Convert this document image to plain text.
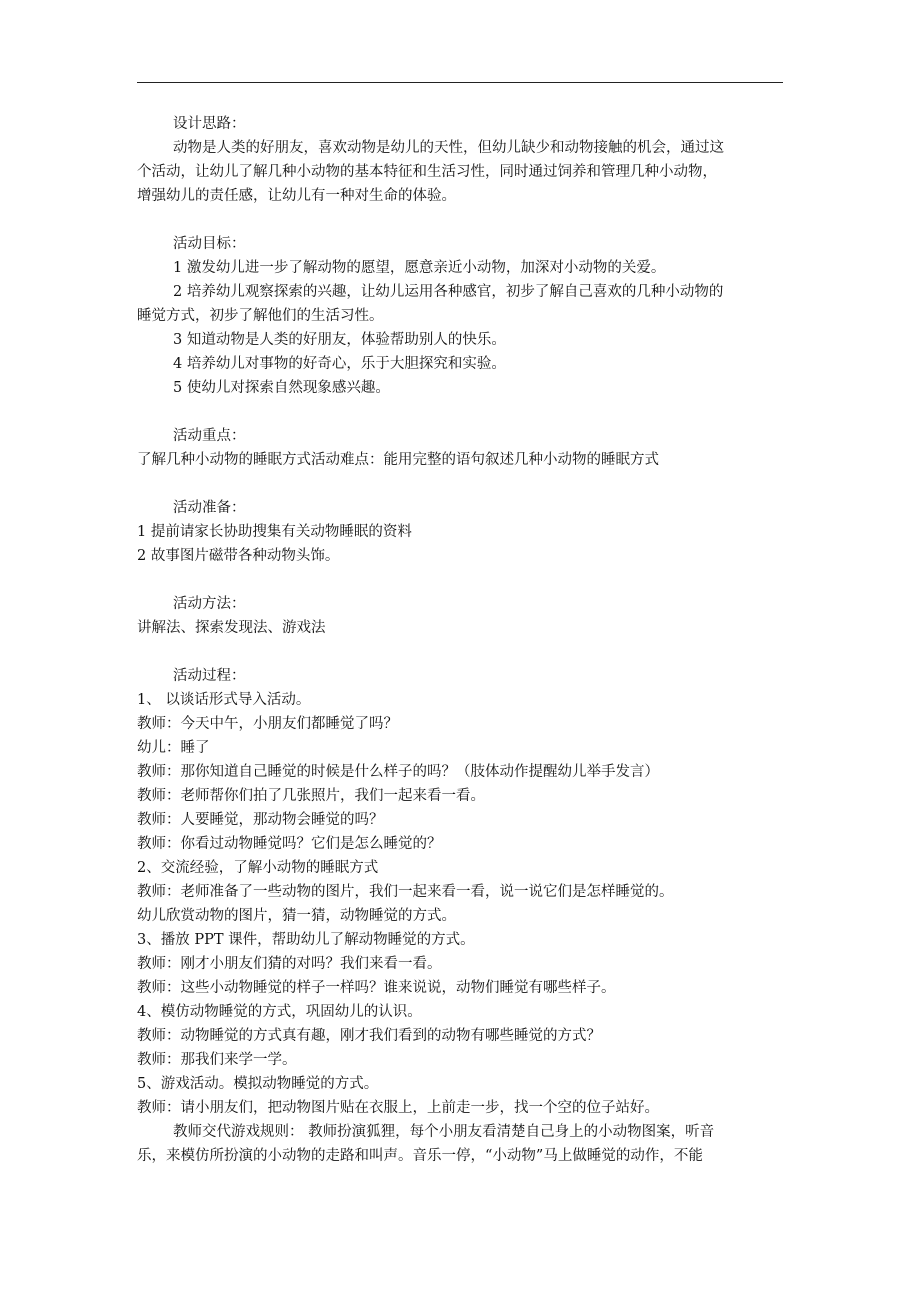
设计思路：

动物是人类的好朋友，喜欢动物是幼儿的天性，但幼儿缺少和动物接触的机会，通过这

个活动，让幼儿了解几种小动物的基本特征和生活习性，同时通过饲养和管理几种小动物，

增强幼儿的责任感，让幼儿有一种对生命的体验。

活动目标：

1 激发幼儿进一步了解动物的愿望，愿意亲近小动物，加深对小动物的关爱。

2 培养幼儿观察探索的兴趣，让幼儿运用各种感官，初步了解自己喜欢的几种小动物的

睡觉方式，初步了解他们的生活习性。

3 知道动物是人类的好朋友，体验帮助别人的快乐。

4 培养幼儿对事物的好奇心，乐于大胆探究和实验。

5 使幼儿对探索自然现象感兴趣。

活动重点：

了解几种小动物的睡眠方式活动难点：能用完整的语句叙述几种小动物的睡眠方式

活动准备：

1 提前请家长协助搜集有关动物睡眠的资料

2 故事图片磁带各种动物头饰。

活动方法：

讲解法、探索发现法、游戏法

活动过程：

1、 以谈话形式导入活动。

教师：今天中午，小朋友们都睡觉了吗？

幼儿：睡了

教师：那你知道自己睡觉的时候是什么样子的吗？（肢体动作提醒幼儿举手发言）

教师：老师帮你们拍了几张照片，我们一起来看一看。

教师：人要睡觉，那动物会睡觉的吗？

教师：你看过动物睡觉吗？它们是怎么睡觉的？

2、交流经验，了解小动物的睡眠方式

教师：老师准备了一些动物的图片，我们一起来看一看，说一说它们是怎样睡觉的。

幼儿欣赏动物的图片，猜一猜，动物睡觉的方式。

3、播放 PPT 课件，帮助幼儿了解动物睡觉的方式。

教师：刚才小朋友们猜的对吗？我们来看一看。

教师：这些小动物睡觉的样子一样吗？谁来说说，动物们睡觉有哪些样子。

4、模仿动物睡觉的方式，巩固幼儿的认识。

教师：动物睡觉的方式真有趣，刚才我们看到的动物有哪些睡觉的方式？

教师：那我们来学一学。

5、游戏活动。模拟动物睡觉的方式。

教师：请小朋友们，把动物图片贴在衣服上，上前走一步，找一个空的位子站好。

教师交代游戏规则： 教师扮演狐狸，每个小朋友看清楚自己身上的小动物图案，听音

乐，来模仿所扮演的小动物的走路和叫声。音乐一停，“小动物”马上做睡觉的动作，不能
